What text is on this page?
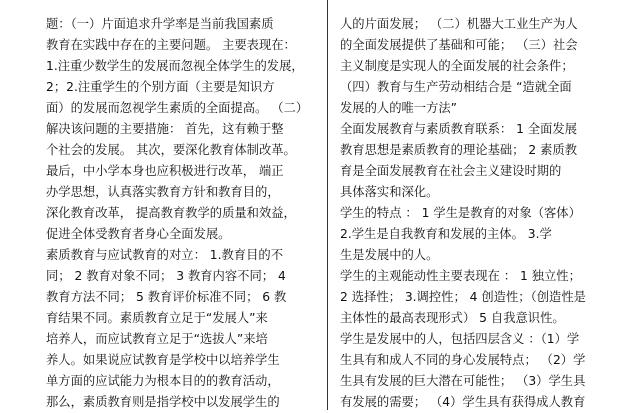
题：（一）片面追求升学率是当前我国素质
教育在实践中存在的主要问题。 主要表现在：
1.注重少数学生的发展而忽视全体学生的发展，
2；2.注重学生的个别方面（主要是知识方
面）的发展而忽视学生素质的全面提高。 （二）
解决该问题的主要措施： 首先，这有赖于整
个社会的发展。 其次，要深化教育体制改革。
最后，中小学本身也应积极进行改革， 端正
办学思想，认真落实教育方针和教育目的，
深化教育改革， 提高教育教学的质量和效益，
促进全体受教育者身心全面发展。
素质教育与应试教育的对立： 1.教育目的不
同； 2 教育对象不同； 3 教育内容不同； 4
教育方法不同； 5 教育评价标准不同； 6 教
育结果不同。素质教育立足于“发展人”来
培养人，而应试教育立足于“选拔人”来培
养人。如果说应试教育是学校中以培养学生
单方面的应试能力为根本目的的教育活动，
那么，素质教育则是指学校中以发展学生的
人的片面发展； （二）机器大工业生产为人
的全面发展提供了基础和可能； （三）社会
主义制度是实现人的全面发展的社会条件；
（四）教育与生产劳动相结合是 “造就全面
发展的人的唯一方法”
全面发展教育与素质教育联系： 1 全面发展
教育思想是素质教育的理论基础； 2 素质教
育是全面发展教育在社会主义建设时期的
具体落实和深化。
学生的特点 ： 1 学生是教育的对象（客体）
2.学生是自我教育和发展的主体。 3.学
生是发展中的人。
学生的主观能动性主要表现在 ： 1 独立性；
2 选择性； 3.调控性； 4 创造性；（创造性是
主体性的最高表现形式） 5 自我意识性。
学生是发展中的人，包括四层含义 ：（1）学
生具有和成人不同的身心发展特点； （2）学
生具有发展的巨大潜在可能性； （3）学生具
有发展的需要； （4）学生具有获得成人教育
